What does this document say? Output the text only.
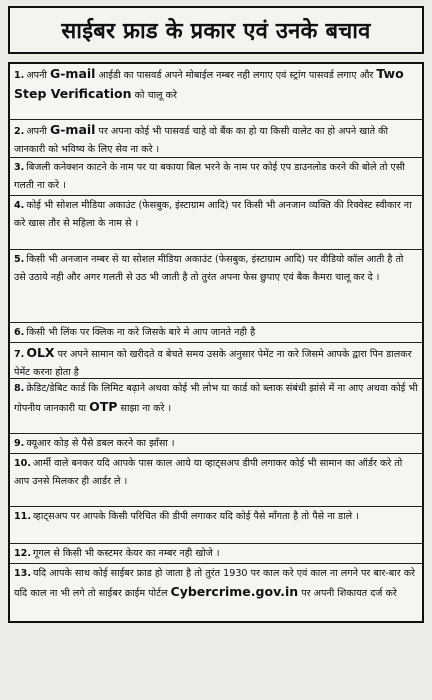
साईबर फ्राड के प्रकार एवं उनके बचाव
1. अपनी G-mail आईडी का पासवर्ड अपने मोबाईल नम्बर नही लगाए एवं स्ट्रांग पासवर्ड लगाए और Two Step Verification को चालू करे
2. अपनी G-mail पर अपना कोई भी पासवर्ड चाहे वो बैंक का हो या किसी वालेट का हो अपने खाते की जानकारी को भविष्य के लिए सेव ना करे ।
3. बिजली कनेक्शन काटने के नाम पर या बकाया बिल भरने के नाम पर कोई एप डाउनलोड करने की बोले तो एसी गलती ना करे ।
4. कोई भी सोशल मीडिया अकाउंट (फेसबुक, इंस्टाग्राम आदि) पर किसी भी अनजान व्यक्ति की रिक्वेस्ट स्वीकार ना करे खास तौर से महिला के नाम से ।
5. किसी भी अनजान नम्बर से या सोशल मीडिया अकाउंट (फेसबुक, इंस्टाग्राम आदि) पर वीडियो कॉल आती है तो उसे उठाये नही और अगर गलती से उठ भी जाती है तो तुरंत अपना फेस छुपाए एवं बैक कैमरा चालू कर दे ।
6. किसी भी लिंक पर क्लिक ना करे जिसके बारे मे आप जानते नही है
7. OLX पर अपने सामान को खरीदते व बेचते समय उसके अनुसार पेमेंट ना करे जिसमे आपके द्वारा पिन डालकर पेमेंट करना होता है
8. क्रेडिट/डेबिट कार्ड कि लिमिट बढ़ाने अथवा कोई भी लोभ या कार्ड को ब्लाक संबंधी झांसे में ना आए अथवा कोई भी गोपनीय जानकारी या OTP साझा ना करे ।
9. क्यूआर कोड़ से पैसे डबल करने का झाँसा ।
10. आर्मी वाले बनकर यदि आपके पास काल आये या व्हाट्सअप डीपी लगाकर कोई भी सामान का ऑर्डर करे तो आप उनसे मिलकर ही आर्डर ले ।
11. व्हाट्सअप पर आपके किसी परिचित की डीपी लगाकर यदि कोई पैसे माँगता है तो पैसे ना डाले ।
12. गूगल से किसी भी कस्टमर केयर का नम्बर नही खोजे ।
13. यदि आपके साथ कोई साईबर फ्राड हो जाता है तो तुरंत 1930 पर काल करे एवं काल ना लगने पर बार-बार करे यदि काल ना भी लगे तो साईबर क्राईम पोर्टल Cybercrime.gov.in पर अपनी शिकायत दर्ज करे
